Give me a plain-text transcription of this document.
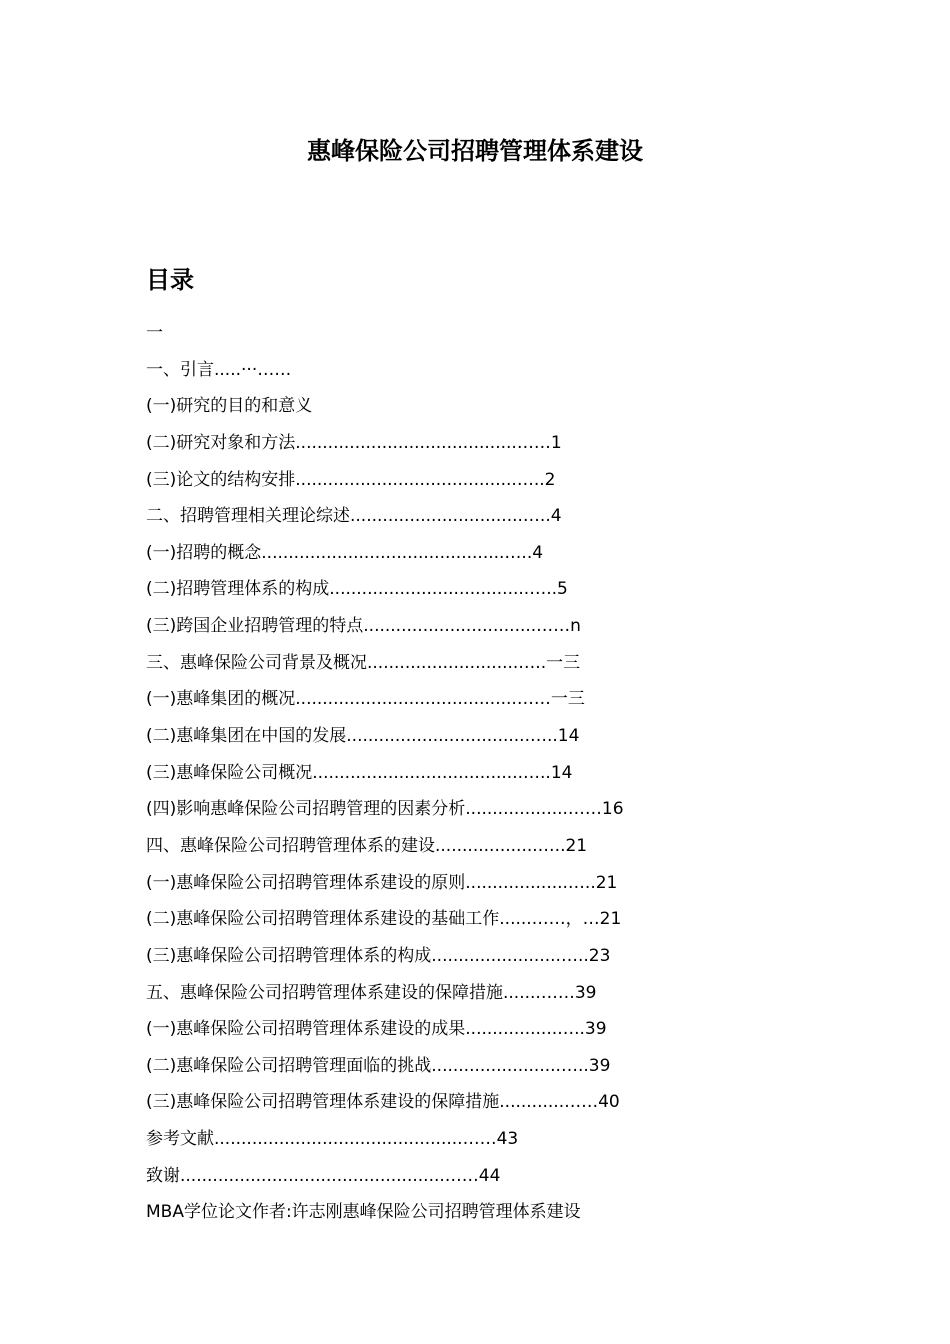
惠峰保险公司招聘管理体系建设
目录
一
一、引言.....···……
(一)研究的目的和意义
(二)研究对象和方法.........................................……1
(三)论文的结构安排.........................................…..2
二、招聘管理相关理论综述................................…..4
(一)招聘的概念.............................................…..4
(二)招聘管理体系的构成.....................................…..5
(三)跨国企业招聘管理的特点................................……n
三、惠峰保险公司背景及概况............................…..一三
(一)惠峰集团的概况.........................................……一三
(二)惠峰集团在中国的发展..................................…..14
(三)惠峰保险公司概况.......................................…..14
(四)影响惠峰保险公司招聘管理的因素分析...................……16
四、惠峰保险公司招聘管理体系的建设...................…..21
(一)惠峰保险公司招聘管理体系建设的原则...................…..21
(二)惠峰保险公司招聘管理体系建设的基础工作......……，…21
(三)惠峰保险公司招聘管理体系的构成........................…..23
五、惠峰保险公司招聘管理体系建设的保障措施.......……39
(一)惠峰保险公司招聘管理体系建设的成果.................…..39
(二)惠峰保险公司招聘管理面临的挑战........................…..39
(三)惠峰保险公司招聘管理体系建设的保障措施............……40
参考文献..............................................……43
致谢.................................................……44
MBA学位论文作者:许志刚惠峰保险公司招聘管理体系建设
